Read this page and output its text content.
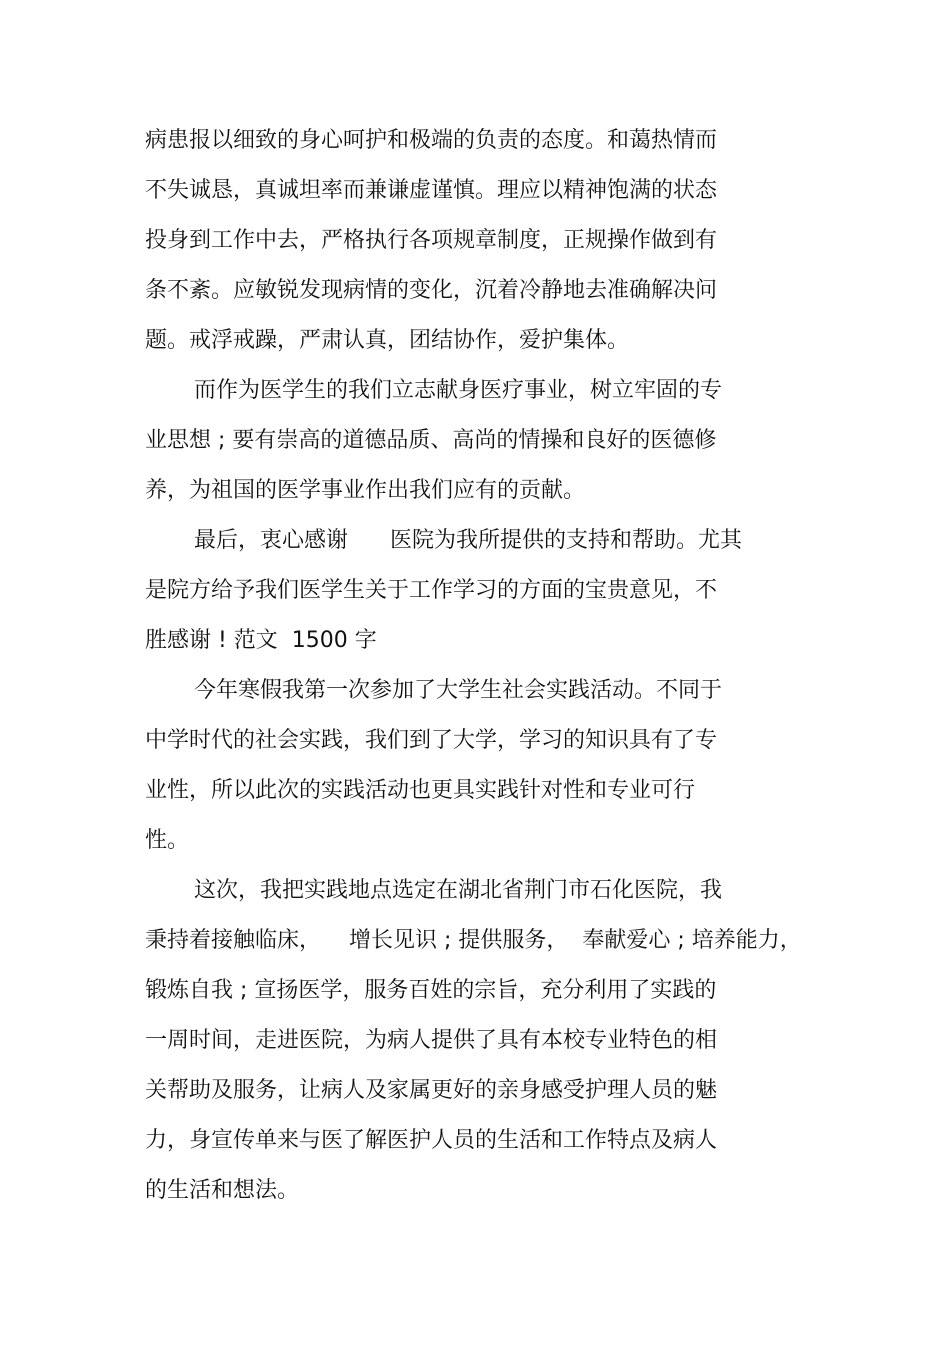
病患报以细致的身心呵护和极端的负责的态度。和蔼热情而
不失诚恳，真诚坦率而兼谦虚谨慎。理应以精神饱满的状态
投身到工作中去，严格执行各项规章制度，正规操作做到有
条不紊。应敏锐发现病情的变化，沉着冷静地去准确解决问
题。戒浮戒躁，严肃认真，团结协作，爱护集体。
而作为医学生的我们立志献身医疗事业，树立牢固的专
业思想 ; 要有崇高的道德品质、高尚的情操和良好的医德修
养，为祖国的医学事业作出我们应有的贡献。
最后，衷心感谢      医院为我所提供的支持和帮助。尤其
是院方给予我们医学生关于工作学习的方面的宝贵意见，不
胜感谢 ! 范文  1500 字
今年寒假我第一次参加了大学生社会实践活动。不同于
中学时代的社会实践，我们到了大学，学习的知识具有了专
业性，所以此次的实践活动也更具实践针对性和专业可行
性。
这次，我把实践地点选定在湖北省荆门市石化医院，我
秉持着接触临床，    增长见识 ; 提供服务，  奉献爱心 ; 培养能力，
锻炼自我 ; 宣扬医学，服务百姓的宗旨，充分利用了实践的
一周时间，走进医院，为病人提供了具有本校专业特色的相
关帮助及服务，让病人及家属更好的亲身感受护理人员的魅
力，身宣传单来与医了解医护人员的生活和工作特点及病人
的生活和想法。
